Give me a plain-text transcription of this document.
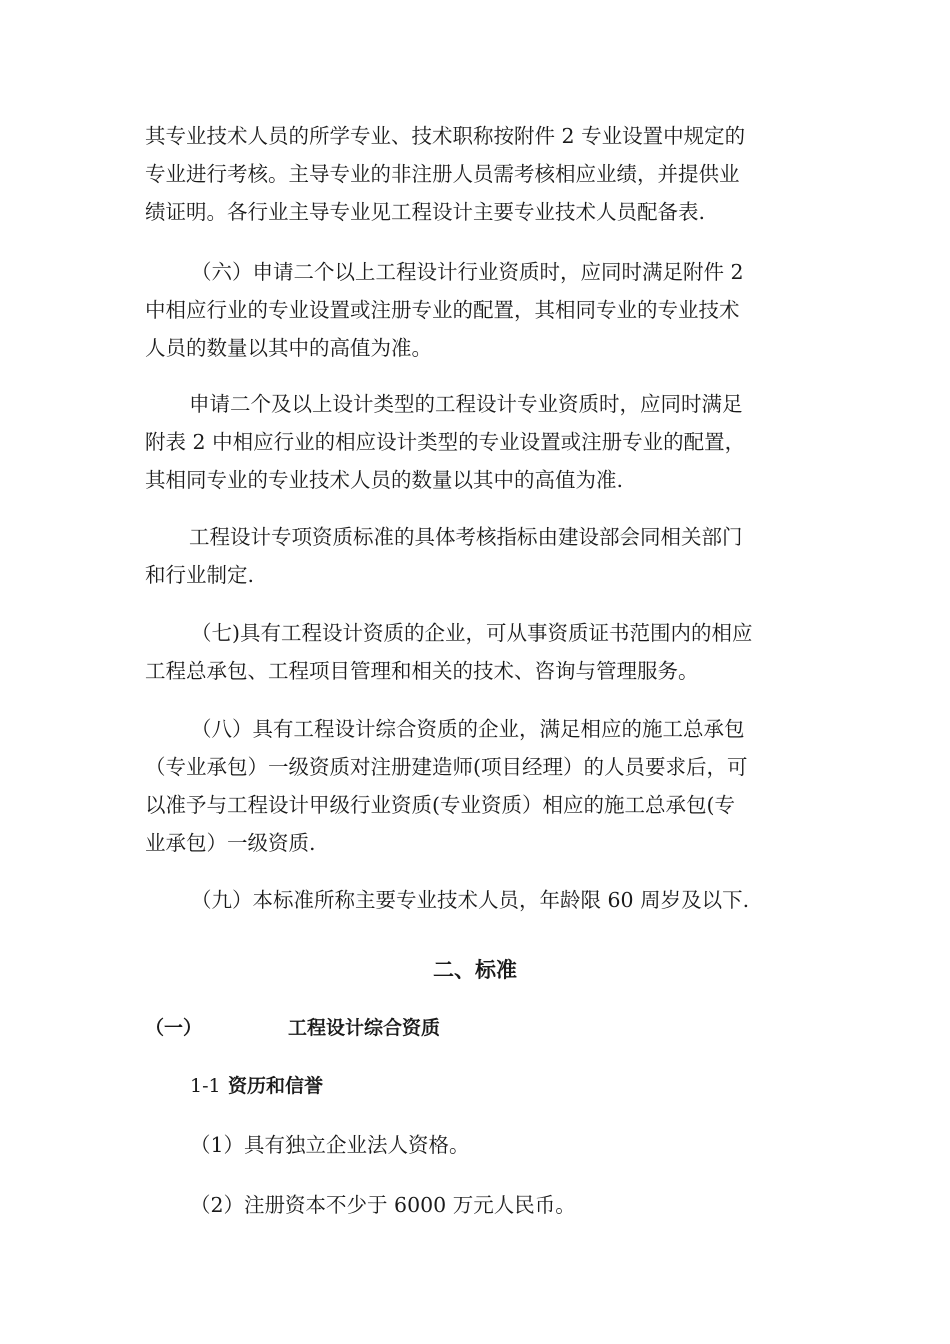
其专业技术人员的所学专业、技术职称按附件 2 专业设置中规定的
专业进行考核。主导专业的非注册人员需考核相应业绩，并提供业
绩证明。各行业主导专业见工程设计主要专业技术人员配备表.
（六）申请二个以上工程设计行业资质时，应同时满足附件 2
中相应行业的专业设置或注册专业的配置，其相同专业的专业技术
人员的数量以其中的高值为准。
申请二个及以上设计类型的工程设计专业资质时，应同时满足
附表 2 中相应行业的相应设计类型的专业设置或注册专业的配置，
其相同专业的专业技术人员的数量以其中的高值为准.
工程设计专项资质标准的具体考核指标由建设部会同相关部门
和行业制定.
（七)具有工程设计资质的企业，可从事资质证书范围内的相应
工程总承包、工程项目管理和相关的技术、咨询与管理服务。
（八）具有工程设计综合资质的企业，满足相应的施工总承包
（专业承包）一级资质对注册建造师(项目经理）的人员要求后，可
以准予与工程设计甲级行业资质(专业资质）相应的施工总承包(专
业承包）一级资质.
（九）本标准所称主要专业技术人员，年龄限 60 周岁及以下.
二、标准
（一）	工程设计综合资质
1-1 资历和信誉
（1）具有独立企业法人资格。
（2）注册资本不少于 6000 万元人民币。
